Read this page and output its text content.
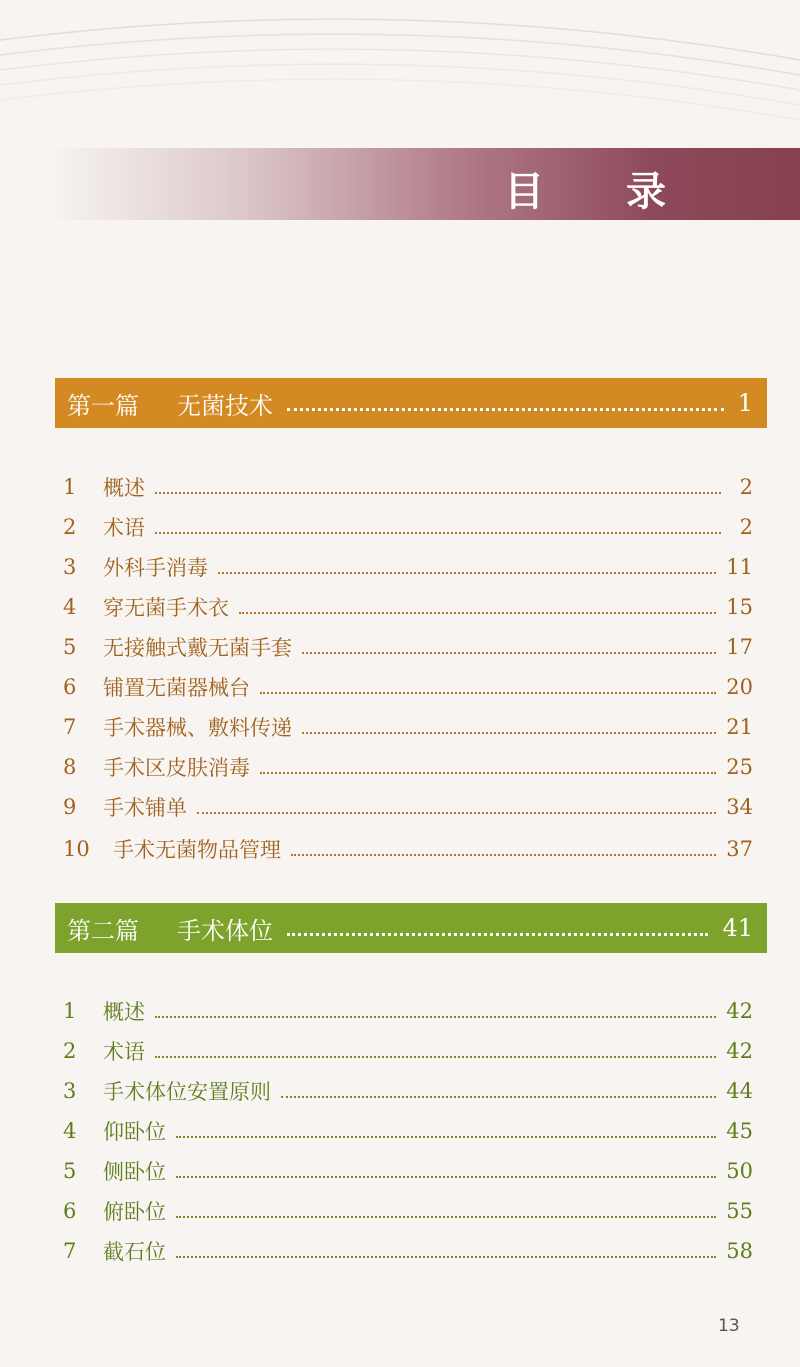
目 录
第一篇	无菌技术	1
1	概述	2
2	术语	2
3	外科手消毒	11
4	穿无菌手术衣	15
5	无接触式戴无菌手套	17
6	铺置无菌器械台	20
7	手术器械、敷料传递	21
8	手术区皮肤消毒	25
9	手术铺单	34
10	手术无菌物品管理	37
第二篇	手术体位	41
1	概述	42
2	术语	42
3	手术体位安置原则	44
4	仰卧位	45
5	侧卧位	50
6	俯卧位	55
7	截石位	58
13
